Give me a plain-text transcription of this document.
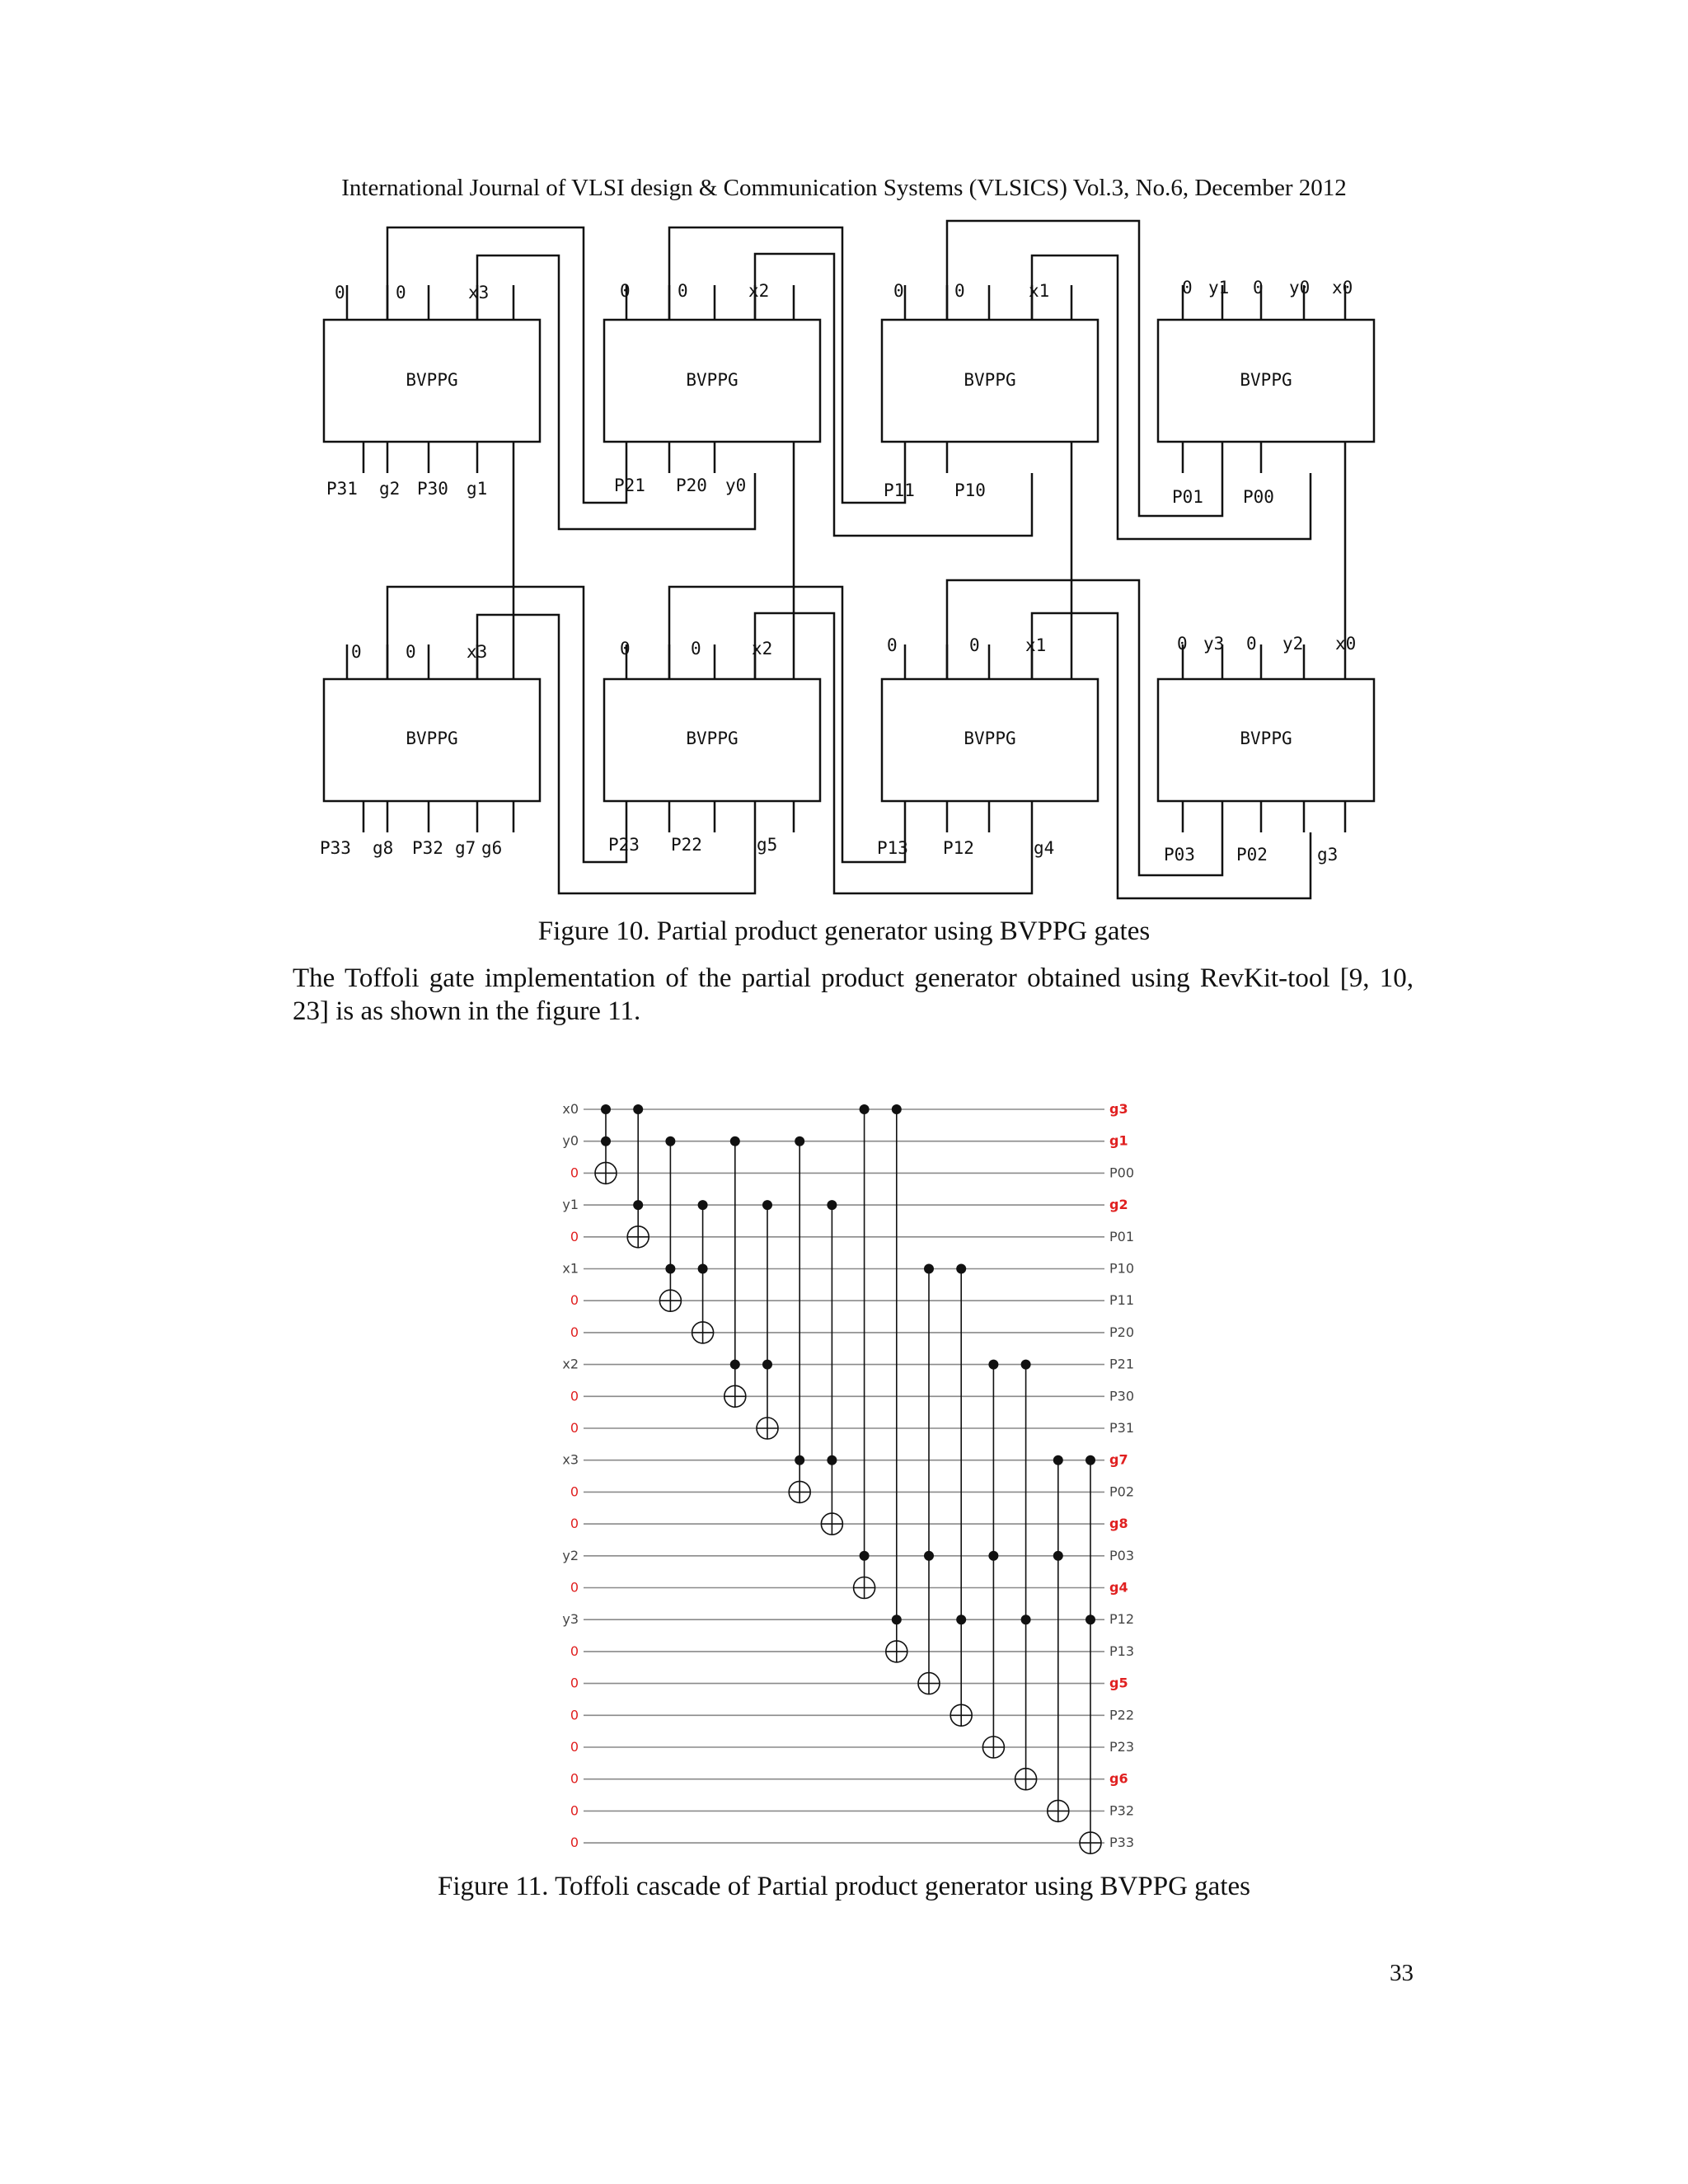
International Journal of VLSI design & Communication Systems (VLSICS) Vol.3, No.6, December 2012
BVPPG	BVPPG	BVPPG	BVPPG
BVPPG	BVPPG	BVPPG	BVPPG
0	0	x3	0	0	x2	0	0	x1	0 y1 0 y0 x0
P31 g2 P30 g1	P21 P20 y0	P11 P10	P01 P00
0	0	x3	0	0	x2	0	0	x1	0 y3 0 y2 x0
P33 g8 P32 g7 g6	P23 P22	g5	P13 P12	g4	P03 P02	g3
Figure 10. Partial product generator using BVPPG gates
The Toffoli gate implementation of the partial product generator obtained using RevKit-tool [9, 10, 23] is as shown in the figure 11.
x0
y0
0
y1
0
x1
0
0
x2
0
0
x3
0
0
y2
0
y3
0
0
0
0
0
0
0
g3
g1
P00
g2
P01
P10
P11
P20
P21
P30
P31
g7
P02
g8
P03
g4
P12
P13
g5
P22
P23
g6
P32
P33
Figure 11. Toffoli cascade of Partial product generator using BVPPG gates
33
